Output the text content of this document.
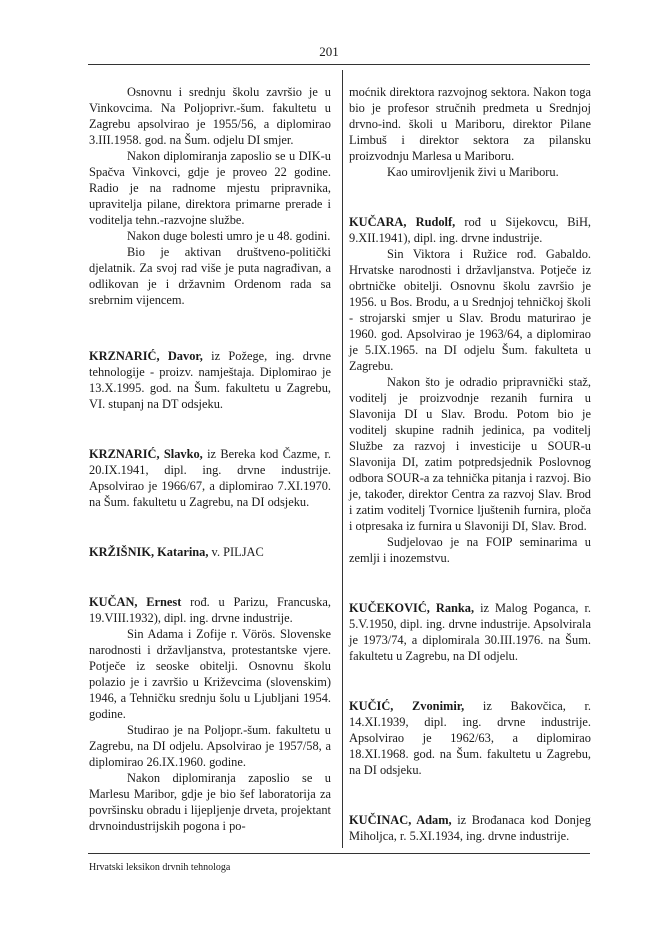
201

Osnovnu i srednju školu završio je u Vinkovcima. Na Poljoprivr.-šum. fakultetu u Zagrebu apsolvirao je 1955/56, a diplomirao 3.III.1958. god. na Šum. odjelu DI smjer.

Nakon diplomiranja zaposlio se u DIK-u Spačva Vinkovci, gdje je proveo 22 godine. Radio je na radnome mjestu pripravnika, upravitelja pilane, direktora primarne prerade i voditelja tehn.-razvojne službe.

Nakon duge bolesti umro je u 48. godini.

Bio je aktivan društveno-politički djelatnik. Za svoj rad više je puta nagrađivan, a odlikovan je i državnim Ordenom rada sa srebrnim vijencem.

KRZNARIĆ, Davor, iz Požege, ing. drvne tehnologije - proizv. namještaja. Diplomirao je 13.X.1995. god. na Šum. fakultetu u Zagrebu, VI. stupanj na DT odsjeku.

KRZNARIĆ, Slavko, iz Bereka kod Čazme, r. 20.IX.1941, dipl. ing. drvne industrije. Apsolvirao je 1966/67, a diplomirao 7.XI.1970. na Šum. fakultetu u Zagrebu, na DI odsjeku.

KRŽIŠNIK, Katarina, v. PILJAC

KUČAN, Ernest rođ. u Parizu, Francuska, 19.VIII.1932), dipl. ing. drvne industrije.

Sin Adama i Zofije r. Vörös. Slovenske narodnosti i državljanstva, protestantske vjere. Potječe iz seoske obitelji. Osnovnu školu polazio je i završio u Križevcima (slovenskim) 1946, a Tehničku srednju šolu u Ljubljani 1954. godine.

Studirao je na Poljopr.-šum. fakultetu u Zagrebu, na DI odjelu. Apsolvirao je 1957/58, a diplomirao 26.IX.1960. godine.

Nakon diplomiranja zaposlio se u Marlesu Maribor, gdje je bio šef laboratorija za površinsku obradu i lijepljenje drveta, projektant drvnoindustrijskih pogona i po-

moćnik direktora razvojnog sektora. Nakon toga bio je profesor stručnih predmeta u Srednjoj drvno-ind. školi u Mariboru, direktor Pilane Limbuš i direktor sektora za pilansku proizvodnju Marlesa u Mariboru.

Kao umirovljenik živi u Mariboru.

KUČARA, Rudolf, rođ u Sijekovcu, BiH, 9.XII.1941), dipl. ing. drvne industrije.

Sin Viktora i Ružice rođ. Gabaldo. Hrvatske narodnosti i državljanstva. Potječe iz obrtničke obitelji. Osnovnu školu završio je 1956. u Bos. Brodu, a u Srednjoj tehničkoj školi - strojarski smjer u Slav. Brodu maturirao je 1960. god. Apsolvirao je 1963/64, a diplomirao je 5.IX.1965. na DI odjelu Šum. fakulteta u Zagrebu.

Nakon što je odradio pripravnički staž, voditelj je proizvodnje rezanih furnira u Slavonija DI u Slav. Brodu. Potom bio je voditelj skupine radnih jedinica, pa voditelj Službe za razvoj i investicije u SOUR-u Slavonija DI, zatim potpredsjednik Poslovnog odbora SOUR-a za tehnička pitanja i razvoj. Bio je, također, direktor Centra za razvoj Slav. Brod i zatim voditelj Tvornice ljuštenih furnira, ploča i otpresaka iz furnira u Slavoniji DI, Slav. Brod.

Sudjelovao je na FOIP seminarima u zemlji i inozemstvu.

KUČEKOVIĆ, Ranka, iz Malog Poganca, r. 5.V.1950, dipl. ing. drvne industrije. Apsolvirala je 1973/74, a diplomirala 30.III.1976. na Šum. fakultetu u Zagrebu, na DI odjelu.

KUČIĆ, Zvonimir, iz Bakovčica, r. 14.XI.1939, dipl. ing. drvne industrije. Apsolvirao je 1962/63, a diplomirao 18.XI.1968. god. na Šum. fakultetu u Zagrebu, na DI odsjeku.

KUČINAC, Adam, iz Brođanaca kod Donjeg Miholjca, r. 5.XI.1934, ing. drvne industrije.

Hrvatski leksikon drvnih tehnologa
